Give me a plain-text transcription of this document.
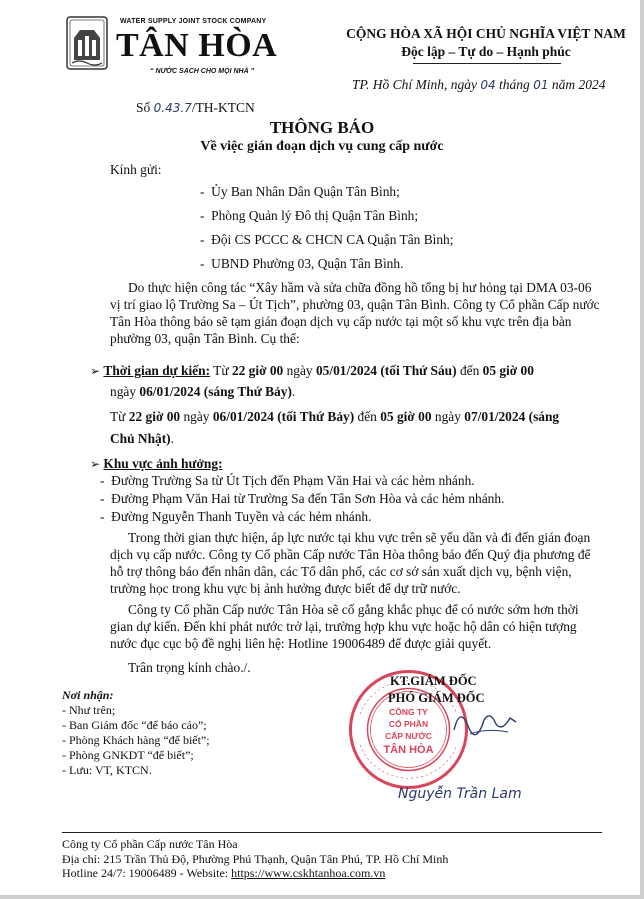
WATER SUPPLY JOINT STOCK COMPANY
TÂN HÒA
“ NƯỚC SẠCH CHO MỌI NHÀ ”
CỘNG HÒA XÃ HỘI CHỦ NGHĨA VIỆT NAM
Độc lập – Tự do – Hạnh phúc
TP. Hồ Chí Minh, ngày 04 tháng 01 năm 2024
Số 0.43.7/TH-KTCN
THÔNG BÁO
Về việc gián đoạn dịch vụ cung cấp nước
Kính gửi:
-  Ủy Ban Nhân Dân Quận Tân Bình;
-  Phòng Quản lý Đô thị Quận Tân Bình;
-  Đội CS PCCC & CHCN CA Quận Tân Bình;
-  UBND Phường 03, Quận Tân Bình.
Do thực hiện công tác “Xây hầm và sửa chữa đồng hồ tổng bị hư hỏng tại DMA 03-06
vị trí giao lộ Trường Sa – Út Tịch”, phường 03, quận Tân Bình. Công ty Cổ phần Cấp nước
Tân Hòa thông báo sẽ tạm gián đoạn dịch vụ cấp nước tại một số khu vực trên địa bàn
phường 03, quận Tân Bình. Cụ thể:
➢ Thời gian dự kiến: Từ 22 giờ 00 ngày 05/01/2024 (tối Thứ Sáu) đến 05 giờ 00
ngày 06/01/2024 (sáng Thứ Bảy).
Từ 22 giờ 00 ngày 06/01/2024 (tối Thứ Bảy) đến 05 giờ 00 ngày 07/01/2024 (sáng
Chủ Nhật).
➢ Khu vực ảnh hưởng:
-  Đường Trường Sa từ Út Tịch đến Phạm Văn Hai và các hẻm nhánh.
-  Đường Phạm Văn Hai từ Trường Sa đến Tân Sơn Hòa và các hẻm nhánh.
-  Đường Nguyễn Thanh Tuyền và các hẻm nhánh.
Trong thời gian thực hiện, áp lực nước tại khu vực trên sẽ yếu dần và đi đến gián đoạn
dịch vụ cấp nước. Công ty Cổ phần Cấp nước Tân Hòa thông báo đến Quý địa phương để
hỗ trợ thông báo đến nhân dân, các Tổ dân phố, các cơ sở sản xuất dịch vụ, bệnh viện,
trường học trong khu vực bị ảnh hưởng được biết để dự trữ nước.
Công ty Cổ phần Cấp nước Tân Hòa sẽ cố gắng khắc phục để có nước sớm hơn thời
gian dự kiến. Đến khi phát nước trở lại, trường hợp khu vực hoặc hộ dân có hiện tượng
nước đục cục bộ đề nghị liên hệ: Hotline 19006489 để được giải quyết.
Trân trọng kính chào./.
CÔNG TY
CỔ PHẦN
CẤP NƯỚC
TÂN HÒA
KT.GIÁM ĐỐC
PHÓ GIÁM ĐỐC
Nguyễn Trần Lam
Nơi nhận:
- Như trên;
- Ban Giám đốc “để báo cáo”;
- Phòng Khách hàng “để biết”;
- Phòng GNKDT “để biết”;
- Lưu: VT, KTCN.
Công ty Cổ phần Cấp nước Tân Hòa
Địa chỉ: 215 Trần Thủ Độ, Phường Phú Thạnh, Quận Tân Phú, TP. Hồ Chí Minh
Hotline 24/7: 19006489 - Website: https://www.cskhtanhoa.com.vn
